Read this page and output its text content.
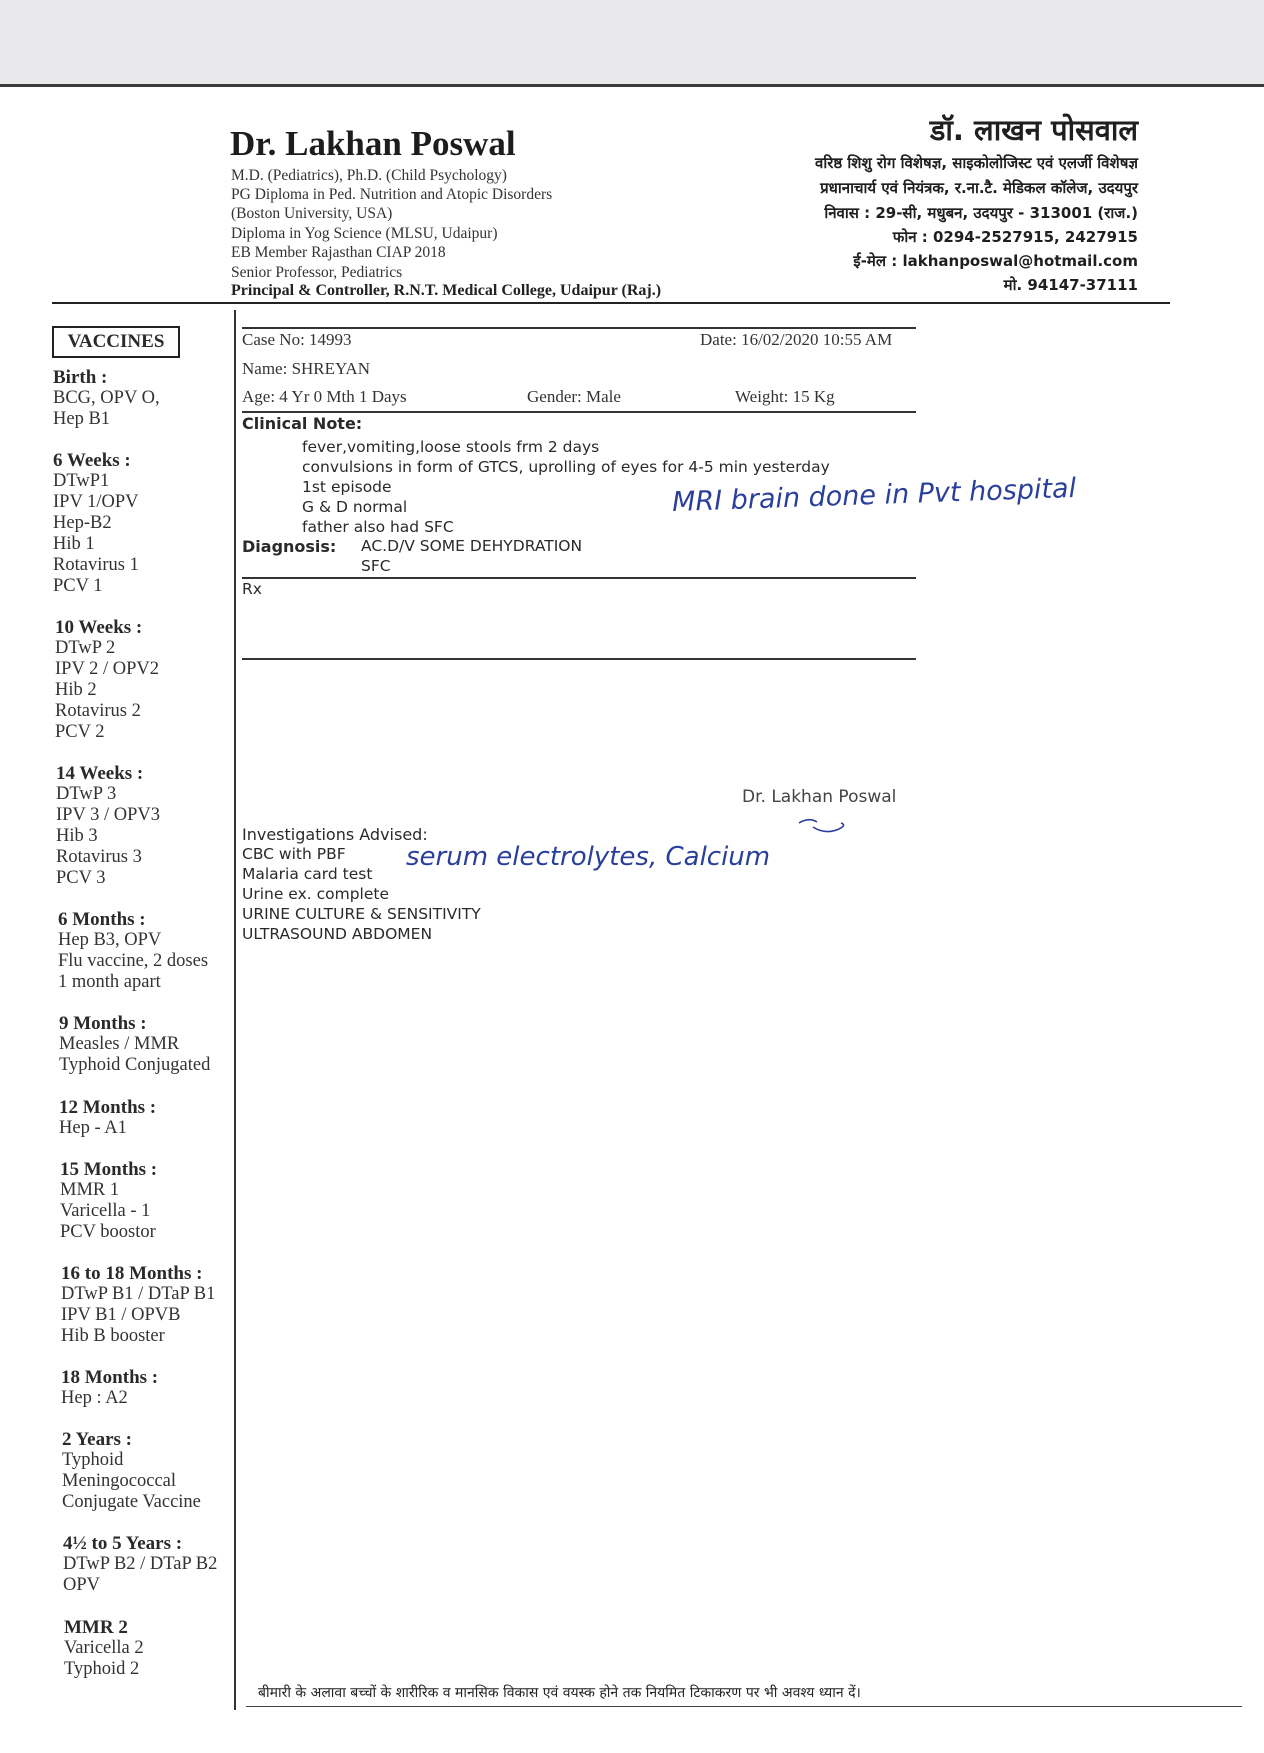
Dr. Lakhan Poswal
M.D. (Pediatrics), Ph.D. (Child Psychology)
PG Diploma in Ped. Nutrition and Atopic Disorders
(Boston University, USA)
Diploma in Yog Science (MLSU, Udaipur)
EB Member Rajasthan CIAP 2018
Senior Professor, Pediatrics
Principal & Controller, R.N.T. Medical College, Udaipur (Raj.)
डॉ. लाखन पोसवाल
वरिष्ठ शिशु रोग विशेषज्ञ, साइकोलोजिस्ट एवं एलर्जी विशेषज्ञ
प्रधानाचार्य एवं नियंत्रक, र.ना.टै. मेडिकल कॉलेज, उदयपुर
निवास : 29-सी, मधुबन, उदयपुर - 313001 (राज.)
फोन : 0294-2527915, 2427915
ई-मेल : lakhanposwal@hotmail.com
मो. 94147-37111
VACCINES
Birth :
BCG, OPV O,
Hep B1
6 Weeks :
DTwP1
IPV 1/OPV
Hep-B2
Hib 1
Rotavirus 1
PCV 1
10 Weeks :
DTwP 2
IPV 2 / OPV2
Hib 2
Rotavirus 2
PCV 2
14 Weeks :
DTwP 3
IPV 3 / OPV3
Hib 3
Rotavirus 3
PCV 3
6 Months :
Hep B3, OPV
Flu vaccine, 2 doses
1 month apart
9 Months :
Measles / MMR
Typhoid Conjugated
12 Months :
Hep - A1
15 Months :
MMR 1
Varicella - 1
PCV boostor
16 to 18 Months :
DTwP B1 / DTaP B1
IPV B1 / OPVB
Hib B booster
18 Months :
Hep : A2
2 Years :
Typhoid
Meningococcal
Conjugate Vaccine
4½ to 5 Years :
DTwP B2 / DTaP B2
OPV
MMR 2
Varicella 2
Typhoid 2
Case No: 14993	Date: 16/02/2020 10:55 AM
Name: SHREYAN
Age: 4 Yr 0 Mth 1 Days	Gender: Male	Weight: 15 Kg
Clinical Note:
fever,vomiting,loose stools frm 2 days
convulsions in form of GTCS, uprolling of eyes for 4-5 min yesterday
1st episode
G & D normal
father also had SFC
MRI brain done in Pvt hospital
Diagnosis: AC.D/V SOME DEHYDRATION
SFC
Rx
Dr. Lakhan Poswal
Investigations Advised:
CBC with PBF
Malaria card test
Urine ex. complete
URINE CULTURE & SENSITIVITY
ULTRASOUND ABDOMEN
serum electrolytes, Calcium
बीमारी के अलावा बच्चों के शारीरिक व मानसिक विकास एवं वयस्क होने तक नियमित टिकाकरण पर भी अवश्य ध्यान दें।
